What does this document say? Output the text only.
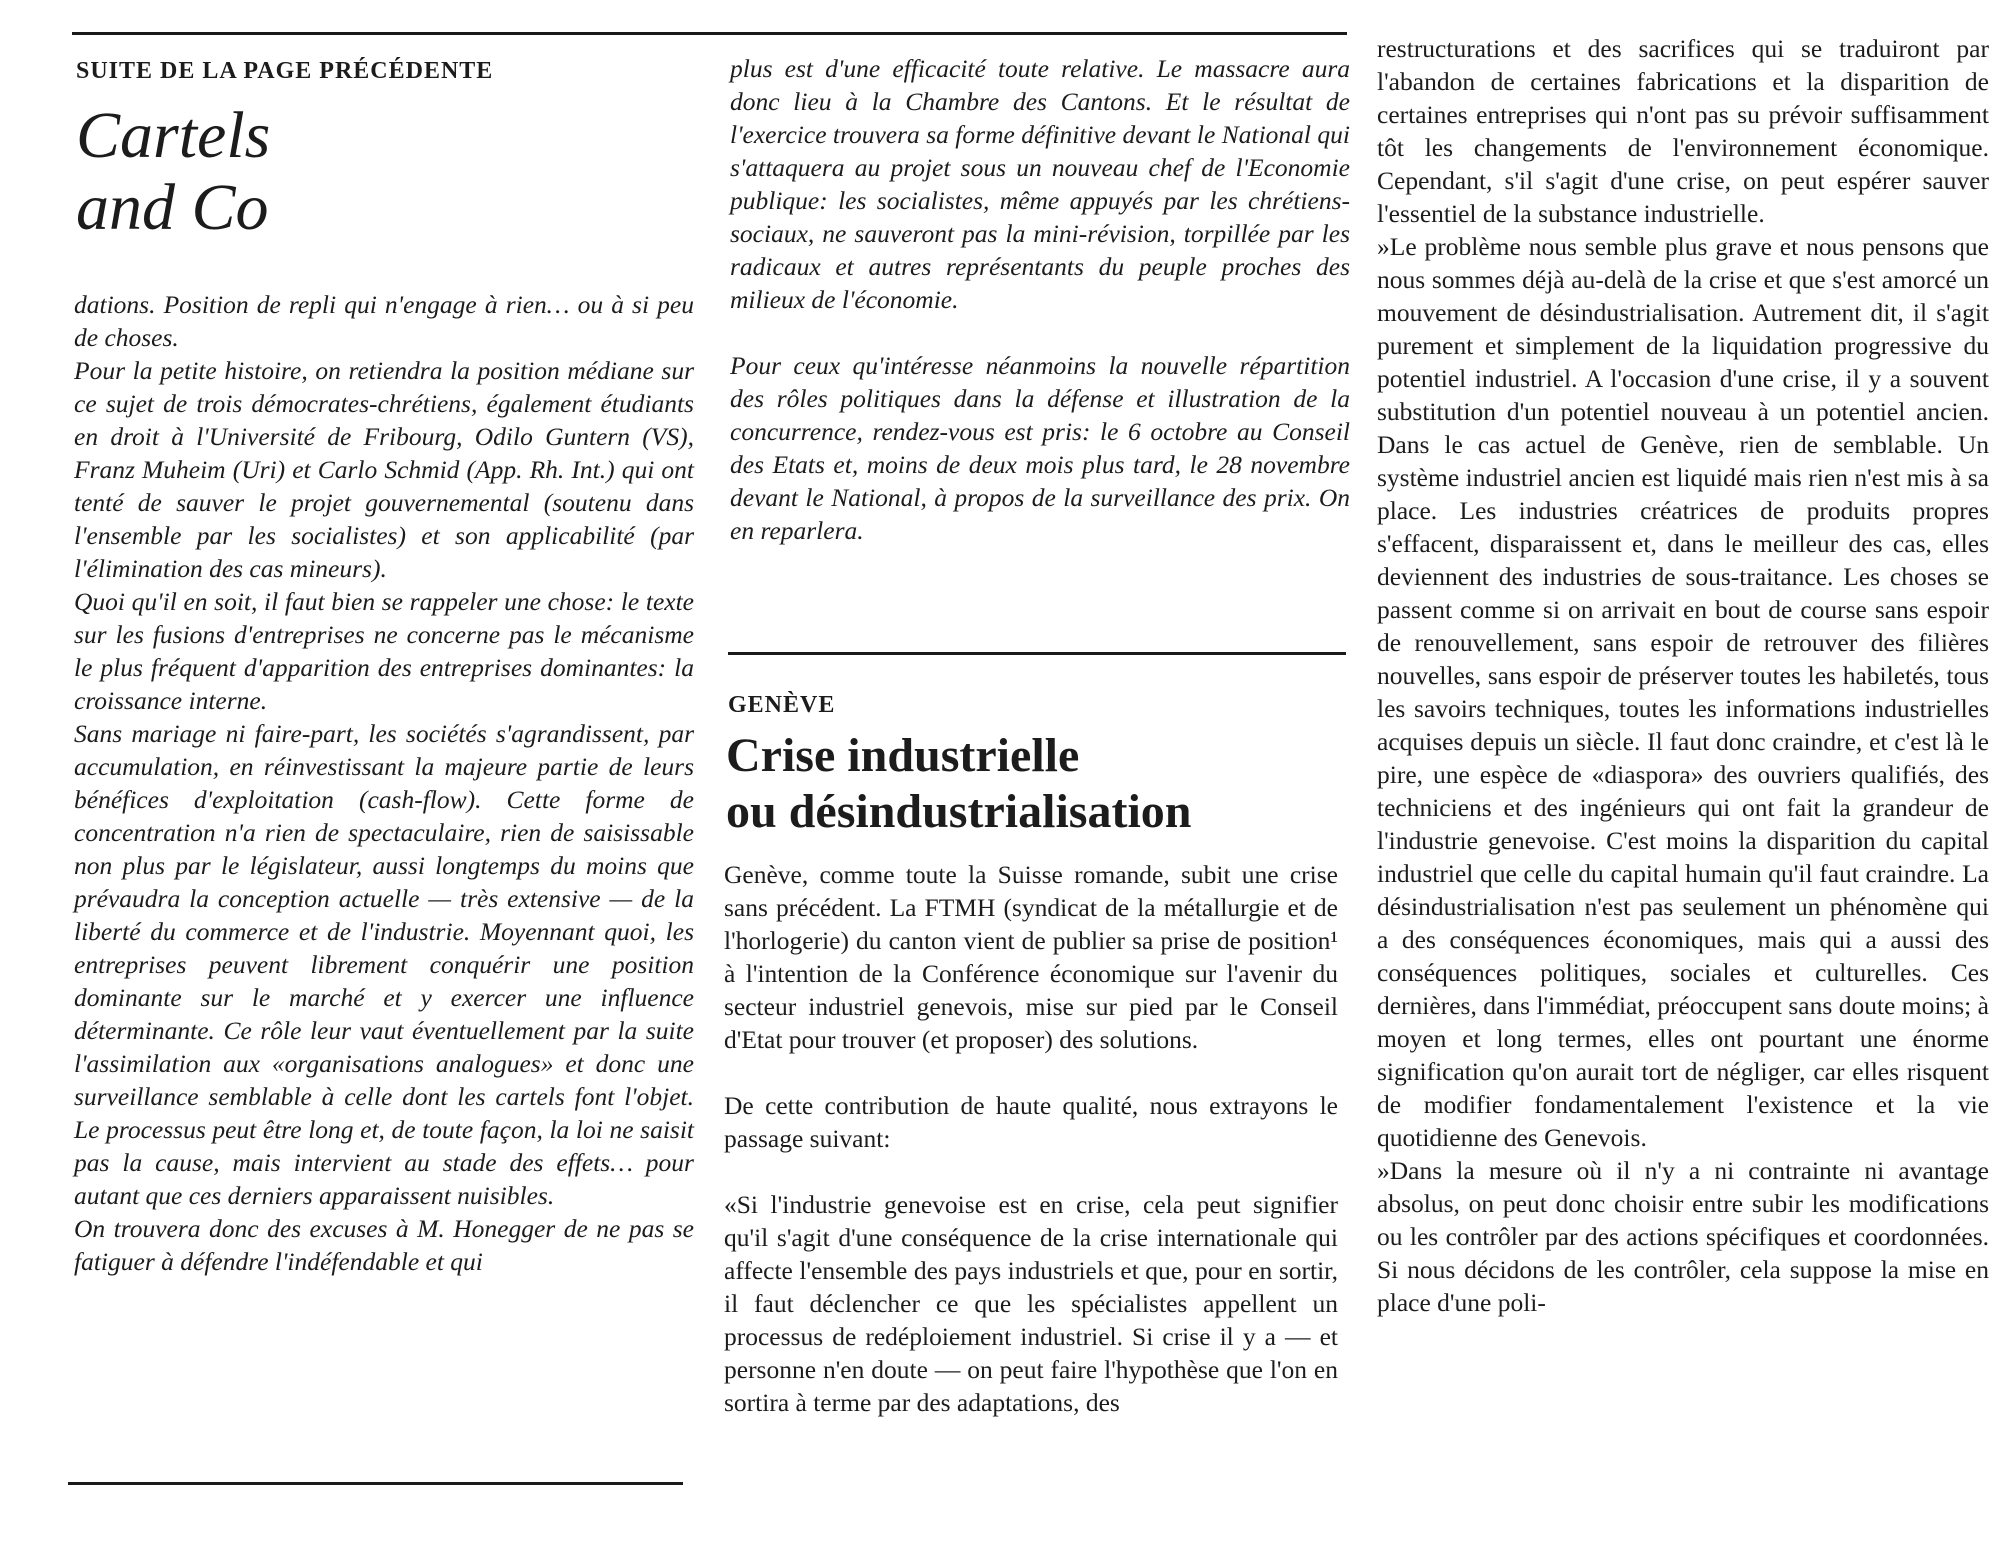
SUITE DE LA PAGE PRÉCÉDENTE
Cartels
and Co

dations. Position de repli qui n'engage à rien… ou à si peu de choses.

Pour la petite histoire, on retiendra la position médiane sur ce sujet de trois démocrates-chrétiens, également étudiants en droit à l'Université de Fribourg, Odilo Guntern (VS), Franz Muheim (Uri) et Carlo Schmid (App. Rh. Int.) qui ont tenté de sauver le projet gouvernemental (soutenu dans l'ensemble par les socialistes) et son applicabilité (par l'élimination des cas mineurs).

Quoi qu'il en soit, il faut bien se rappeler une chose: le texte sur les fusions d'entreprises ne concerne pas le mécanisme le plus fréquent d'apparition des entreprises dominantes: la croissance interne.

Sans mariage ni faire-part, les sociétés s'agrandissent, par accumulation, en réinvestissant la majeure partie de leurs bénéfices d'exploitation (cash-flow). Cette forme de concentration n'a rien de spectaculaire, rien de saisissable non plus par le législateur, aussi longtemps du moins que prévaudra la conception actuelle — très extensive — de la liberté du commerce et de l'industrie. Moyennant quoi, les entreprises peuvent librement conquérir une position dominante sur le marché et y exercer une influence déterminante. Ce rôle leur vaut éventuellement par la suite l'assimilation aux «organisations analogues» et donc une surveillance semblable à celle dont les cartels font l'objet. Le processus peut être long et, de toute façon, la loi ne saisit pas la cause, mais intervient au stade des effets… pour autant que ces derniers apparaissent nuisibles.

On trouvera donc des excuses à M. Honegger de ne pas se fatiguer à défendre l'indéfendable et qui

plus est d'une efficacité toute relative. Le massacre aura donc lieu à la Chambre des Cantons. Et le résultat de l'exercice trouvera sa forme définitive devant le National qui s'attaquera au projet sous un nouveau chef de l'Economie publique: les socialistes, même appuyés par les chrétiens-sociaux, ne sauveront pas la mini-révision, torpillée par les radicaux et autres représentants du peuple proches des milieux de l'économie.

Pour ceux qu'intéresse néanmoins la nouvelle répartition des rôles politiques dans la défense et illustration de la concurrence, rendez-vous est pris: le 6 octobre au Conseil des Etats et, moins de deux mois plus tard, le 28 novembre devant le National, à propos de la surveillance des prix. On en reparlera.

GENÈVE
Crise industrielle
ou désindustrialisation

Genève, comme toute la Suisse romande, subit une crise sans précédent. La FTMH (syndicat de la métallurgie et de l'horlogerie) du canton vient de publier sa prise de position¹ à l'intention de la Conférence économique sur l'avenir du secteur industriel genevois, mise sur pied par le Conseil d'Etat pour trouver (et proposer) des solutions.

De cette contribution de haute qualité, nous extrayons le passage suivant:

«Si l'industrie genevoise est en crise, cela peut signifier qu'il s'agit d'une conséquence de la crise internationale qui affecte l'ensemble des pays industriels et que, pour en sortir, il faut déclencher ce que les spécialistes appellent un processus de redéploiement industriel. Si crise il y a — et personne n'en doute — on peut faire l'hypothèse que l'on en sortira à terme par des adaptations, des

restructurations et des sacrifices qui se traduiront par l'abandon de certaines fabrications et la disparition de certaines entreprises qui n'ont pas su prévoir suffisamment tôt les changements de l'environnement économique. Cependant, s'il s'agit d'une crise, on peut espérer sauver l'essentiel de la substance industrielle.

»Le problème nous semble plus grave et nous pensons que nous sommes déjà au-delà de la crise et que s'est amorcé un mouvement de désindustrialisation. Autrement dit, il s'agit purement et simplement de la liquidation progressive du potentiel industriel. A l'occasion d'une crise, il y a souvent substitution d'un potentiel nouveau à un potentiel ancien. Dans le cas actuel de Genève, rien de semblable. Un système industriel ancien est liquidé mais rien n'est mis à sa place. Les industries créatrices de produits propres s'effacent, disparaissent et, dans le meilleur des cas, elles deviennent des industries de sous-traitance. Les choses se passent comme si on arrivait en bout de course sans espoir de renouvellement, sans espoir de retrouver des filières nouvelles, sans espoir de préserver toutes les habiletés, tous les savoirs techniques, toutes les informations industrielles acquises depuis un siècle. Il faut donc craindre, et c'est là le pire, une espèce de «diaspora» des ouvriers qualifiés, des techniciens et des ingénieurs qui ont fait la grandeur de l'industrie genevoise. C'est moins la disparition du capital industriel que celle du capital humain qu'il faut craindre. La désindustrialisation n'est pas seulement un phénomène qui a des conséquences économiques, mais qui a aussi des conséquences politiques, sociales et culturelles. Ces dernières, dans l'immédiat, préoccupent sans doute moins; à moyen et long termes, elles ont pourtant une énorme signification qu'on aurait tort de négliger, car elles risquent de modifier fondamentalement l'existence et la vie quotidienne des Genevois.

»Dans la mesure où il n'y a ni contrainte ni avantage absolus, on peut donc choisir entre subir les modifications ou les contrôler par des actions spécifiques et coordonnées. Si nous décidons de les contrôler, cela suppose la mise en place d'une poli-
